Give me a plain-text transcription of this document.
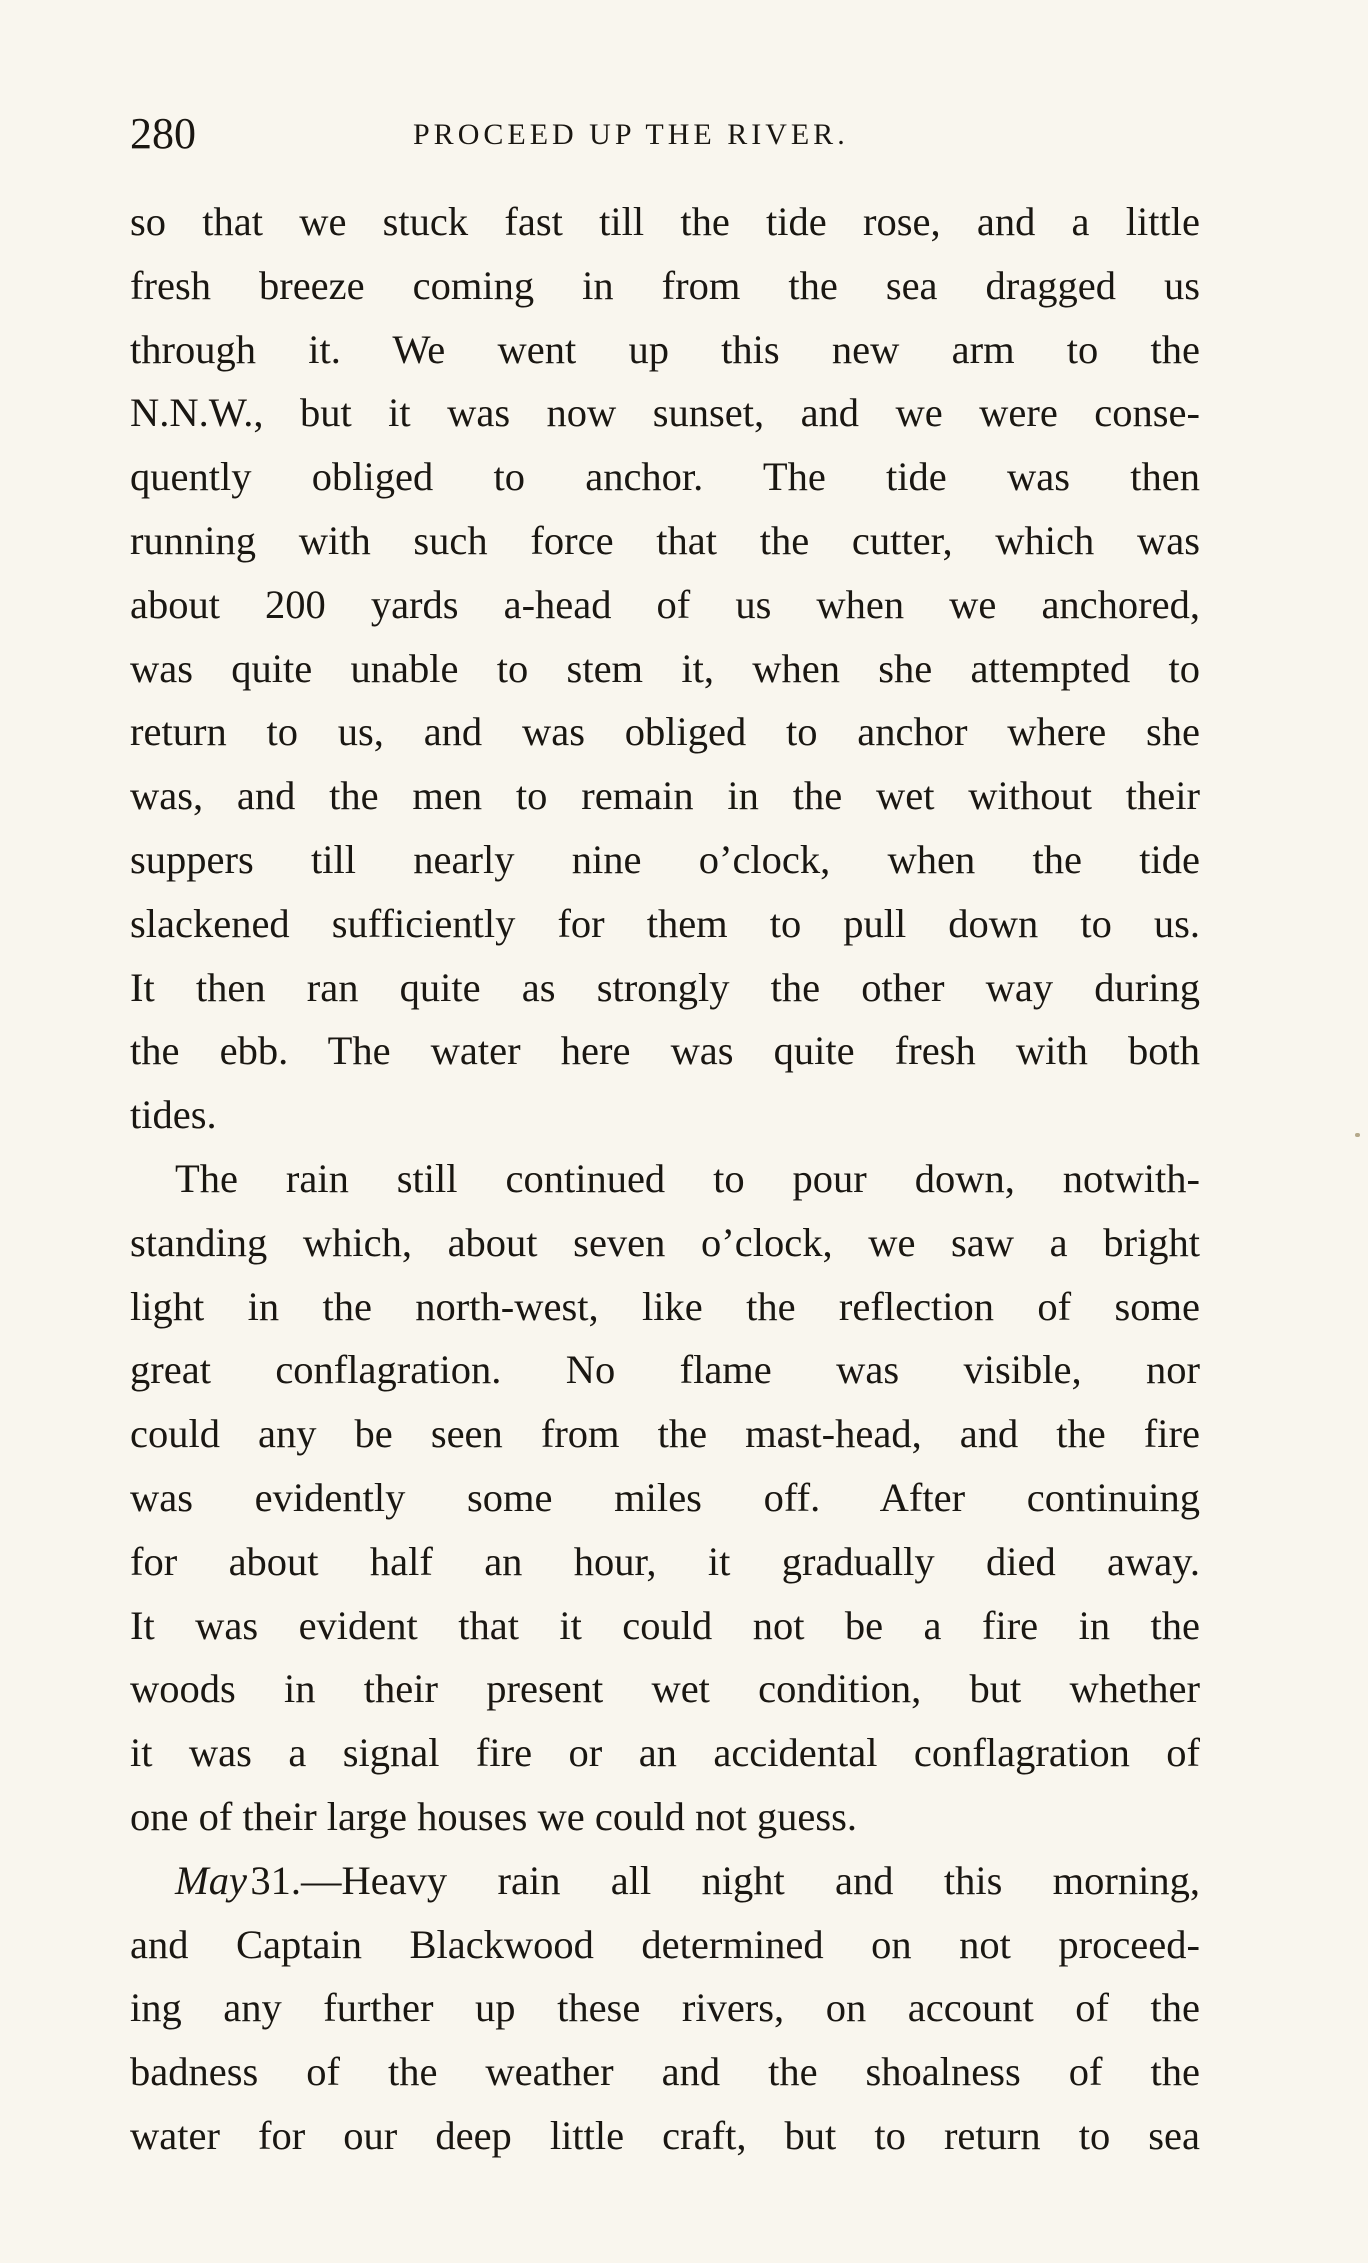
280	PROCEED UP THE RIVER.
so that we stuck fast till the tide rose, and a little
fresh breeze coming in from the sea dragged us
through it. We went up this new arm to the
N.N.W., but it was now sunset, and we were conse-
quently obliged to anchor. The tide was then
running with such force that the cutter, which was
about 200 yards a-head of us when we anchored,
was quite unable to stem it, when she attempted to
return to us, and was obliged to anchor where she
was, and the men to remain in the wet without their
suppers till nearly nine o’clock, when the tide
slackened sufficiently for them to pull down to us.
It then ran quite as strongly the other way during
the ebb. The water here was quite fresh with both
tides.
The rain still continued to pour down, notwith-
standing which, about seven o’clock, we saw a bright
light in the north-west, like the reflection of some
great conflagration. No flame was visible, nor
could any be seen from the mast-head, and the fire
was evidently some miles off. After continuing
for about half an hour, it gradually died away.
It was evident that it could not be a fire in the
woods in their present wet condition, but whether
it was a signal fire or an accidental conflagration of
one of their large houses we could not guess.
May 31.—Heavy rain all night and this morning,
and Captain Blackwood determined on not proceed-
ing any further up these rivers, on account of the
badness of the weather and the shoalness of the
water for our deep little craft, but to return to sea
